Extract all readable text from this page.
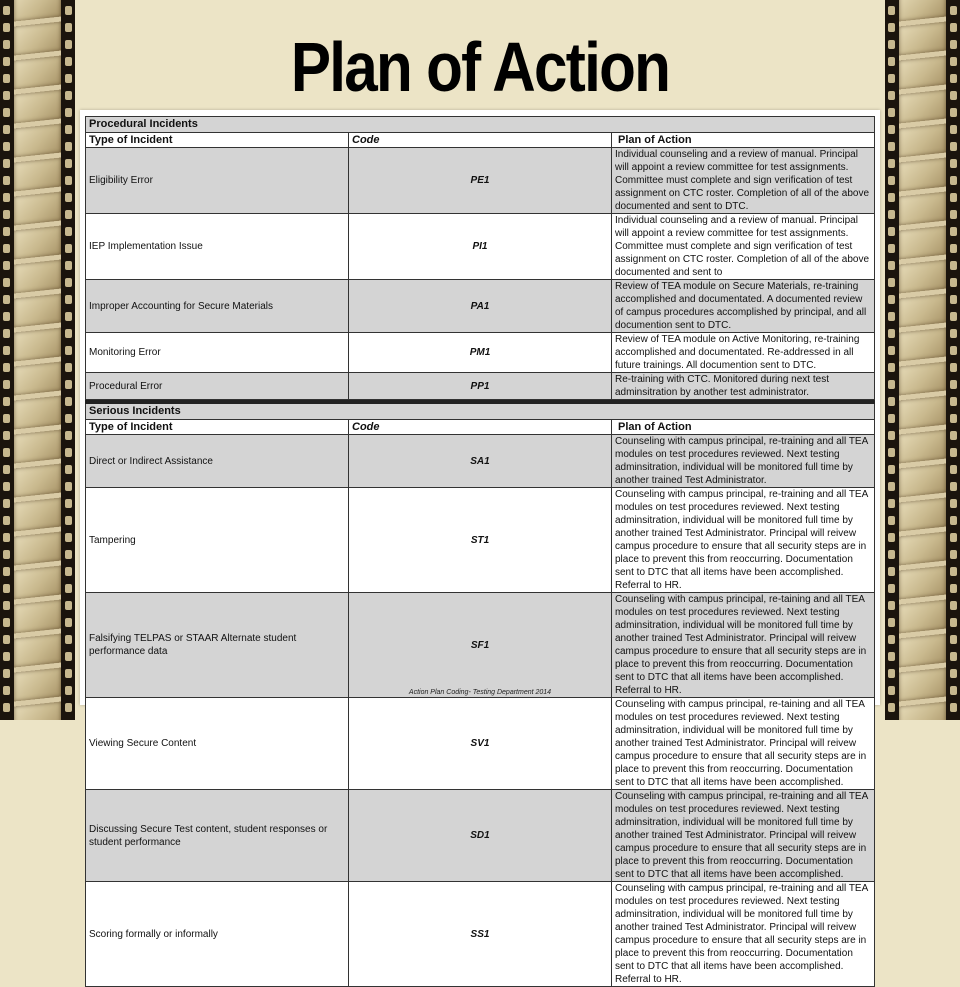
Plan of Action
Procedural Incidents		
Type of Incident	Code	Plan of Action
Eligibility Error	PE1	Individual counseling and a review of manual. Principal will appoint a review committee for test assignments. Committee must complete and sign verification of test assignment on CTC roster. Completion of all of the above documented and sent to DTC.
IEP Implementation Issue	PI1	Individual counseling and a review of manual. Principal will appoint a review committee for test assignments. Committee must complete and sign verification of test assignment on CTC roster. Completion of all of the above documented and sent to
Improper Accounting for Secure Materials	PA1	Review of TEA module on Secure Materials, re-training accomplished and documentated. A documented review of campus procedures accomplished by principal, and all documention sent to DTC.
Monitoring Error	PM1	Review of TEA module on Active Monitoring, re-training accomplished and documentated. Re-addressed in all future trainings. All documention sent to DTC.
Procedural Error	PP1	Re-training with CTC. Monitored during next test adminsitration by another test administrator.

Serious Incidents		
Type of Incident	Code	Plan of Action
Direct or Indirect Assistance	SA1	Counseling with campus principal, re-training and all TEA modules on test procedures reviewed. Next testing adminsitration, individual will be monitored full time by another trained Test Administrator.
Tampering	ST1	Counseling with campus principal, re-training and all TEA modules on test procedures reviewed. Next testing adminsitration, individual will be monitored full time by another trained Test Administrator. Principal will reivew campus procedure to ensure that all security steps are in place to prevent this from reoccurring. Documentation sent to DTC that all items have been accomplished. Referral to HR.
Falsifying TELPAS or STAAR Alternate student performance data	SF1	Counseling with campus principal, re-taining and all TEA modules on test procedures reviewed. Next testing adminsitration, individual will be monitored full time by another trained Test Administrator. Principal will reivew campus procedure to ensure that all security steps are in place to prevent this from reoccurring. Documentation sent to DTC that all items have been accomplished. Referral to HR.
Viewing Secure Content	SV1	Counseling with campus principal, re-taining and all TEA modules on test procedures reviewed. Next testing adminsitration, individual will be monitored full time by another trained Test Administrator. Principal will reivew campus procedure to ensure that all security steps are in place to prevent this from reoccurring. Documentation sent to DTC that all items have been accomplished.
Discussing Secure Test content, student responses or student performance	SD1	Counseling with campus principal, re-training and all TEA modules on test procedures reviewed. Next testing adminsitration, individual will be monitored full time by another trained Test Administrator. Principal will reivew campus procedure to ensure that all security steps are in place to prevent this from reoccurring. Documentation sent to DTC that all items have been accomplished.
Scoring formally or informally	SS1	Counseling with campus principal, re-training and all TEA modules on test procedures reviewed. Next testing adminsitration, individual will be monitored full time by another trained Test Administrator. Principal will reivew campus procedure to ensure that all security steps are in place to prevent this from reoccurring. Documentation sent to DTC that all items have been accomplished. Referral to HR.
Action Plan Coding- Testing Department 2014
